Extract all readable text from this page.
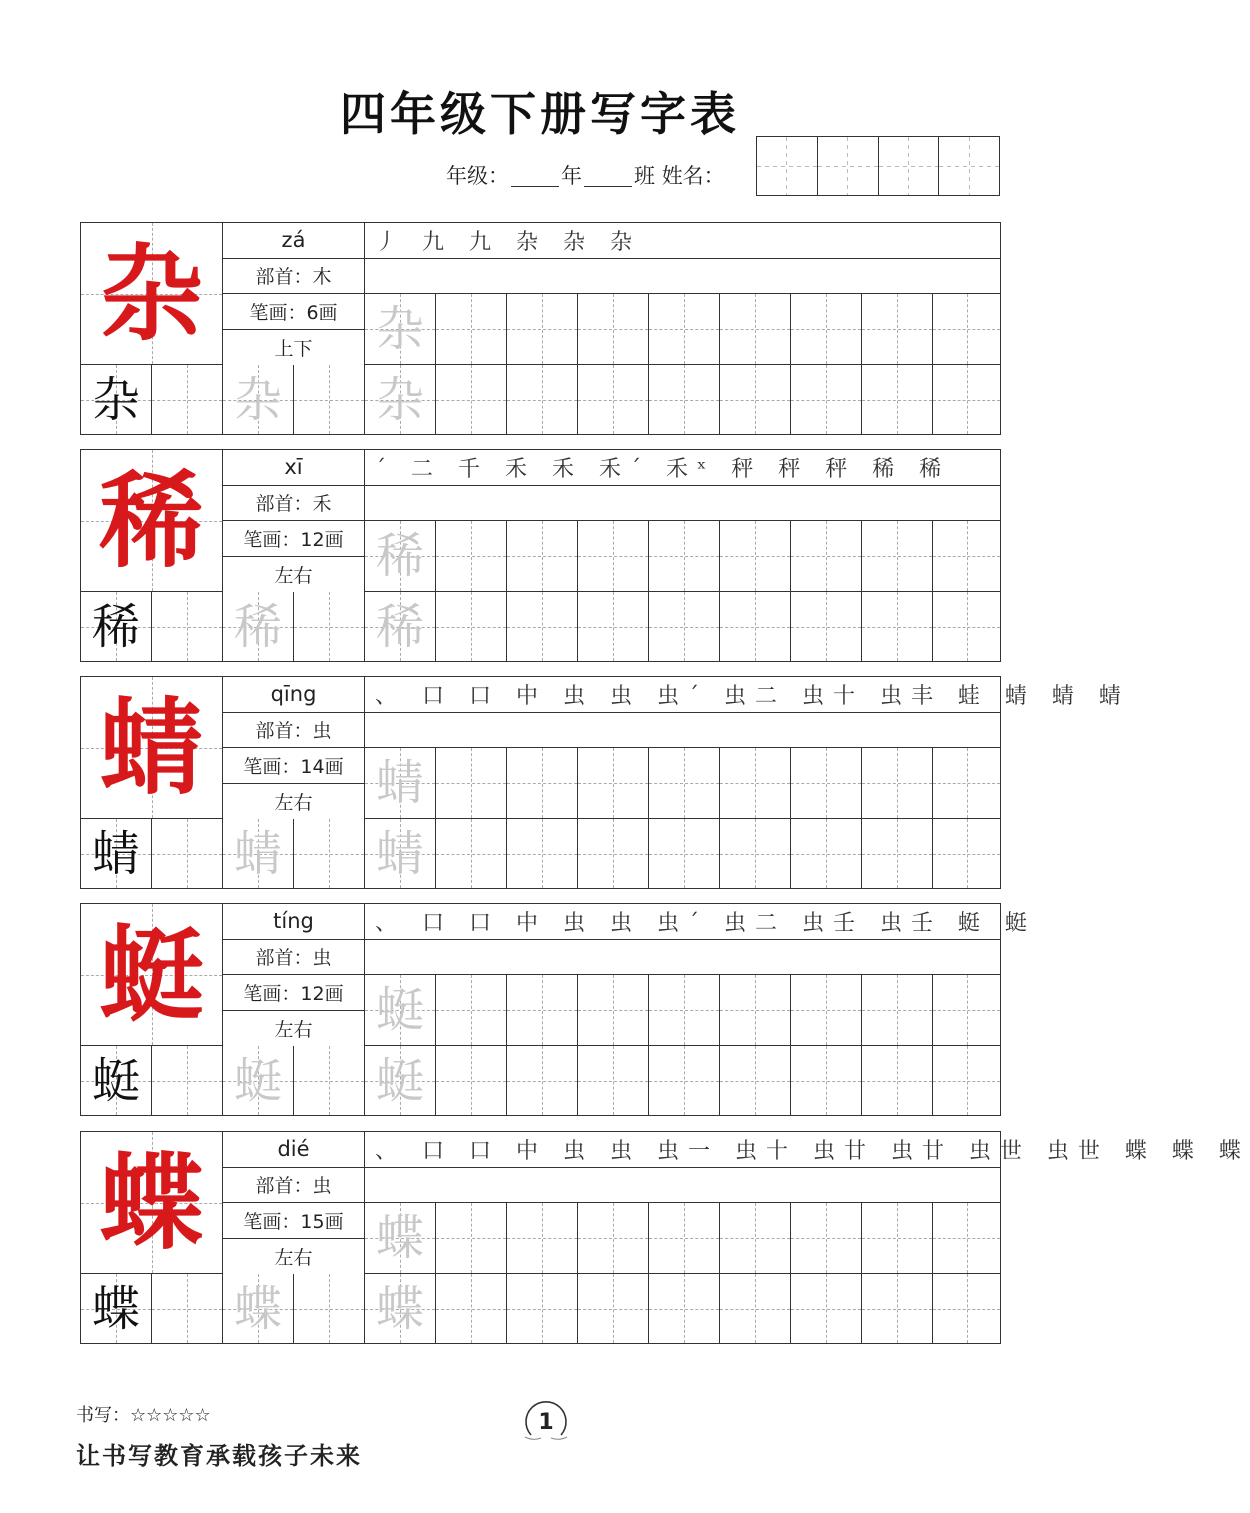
四年级下册写字表
年级： 年 班 姓名：
杂	zá
部首：木
笔画：6画
上下
丿 九 九 杂 杂 杂
杂
杂 杂 杂
稀	xī
部首：禾
笔画：12画
左右
ˊ 二 千 禾 禾 禾ˊ 禾ˣ 秤 秤 秤 稀 稀
稀
稀 稀 稀
蜻	qīng
部首：虫
笔画：14画
左右
、 口 口 中 虫 虫 虫ˊ 虫二 虫十 虫丰 蛙 蜻 蜻 蜻
蜻
蜻 蜻 蜻
蜓	tíng
部首：虫
笔画：12画
左右
、 口 口 中 虫 虫 虫ˊ 虫二 虫壬 虫壬 蜓 蜓
蜓
蜓 蜓 蜓
蝶	dié
部首：虫
笔画：15画
左右
、 口 口 中 虫 虫 虫一 虫十 虫廿 虫廿 虫世 虫世 蝶 蝶 蝶
蝶
蝶 蝶 蝶
书写：☆☆☆☆☆
让书写教育承载孩子未来
1
